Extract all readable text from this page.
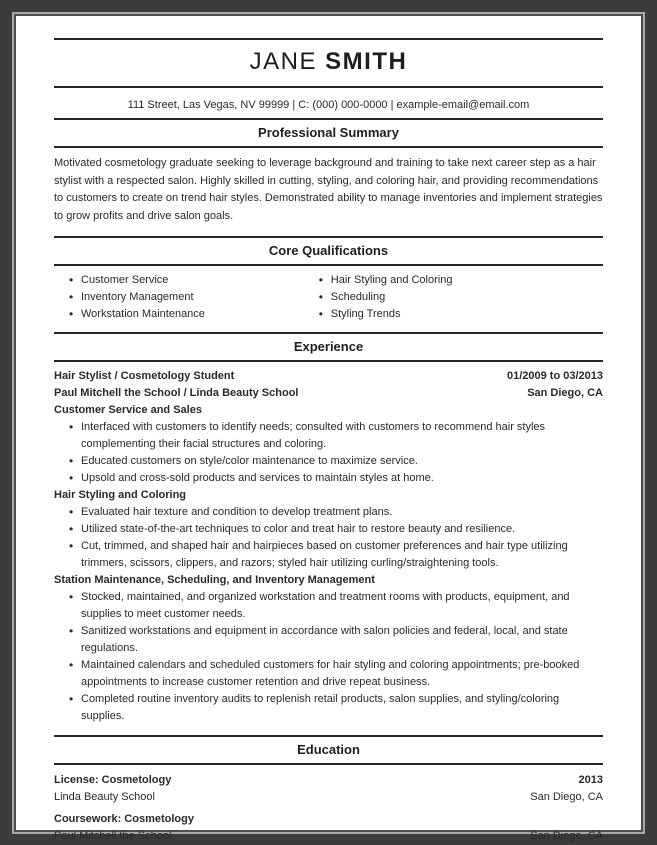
JANE SMITH
111 Street, Las Vegas, NV 99999 | C: (000) 000-0000 | example-email@email.com
Professional Summary

Motivated cosmetology graduate seeking to leverage background and training to take next career step as a hair stylist with a respected salon. Highly skilled in cutting, styling, and coloring hair, and providing recommendations to customers to create on trend hair styles. Demonstrated ability to manage inventories and implement strategies to grow profits and drive salon goals.

Core Qualifications
• Customer Service
• Inventory Management
• Workstation Maintenance
• Hair Styling and Coloring
• Scheduling
• Styling Trends
Experience
Hair Stylist / Cosmetology Student	01/2009 to 03/2013
Paul Mitchell the School / Linda Beauty School	San Diego, CA
Customer Service and Sales
• Interfaced with customers to identify needs; consulted with customers to recommend hair styles complementing their facial structures and coloring.
• Educated customers on style/color maintenance to maximize service.
• Upsold and cross-sold products and services to maintain styles at home.
Hair Styling and Coloring
• Evaluated hair texture and condition to develop treatment plans.
• Utilized state-of-the-art techniques to color and treat hair to restore beauty and resilience.
• Cut, trimmed, and shaped hair and hairpieces based on customer preferences and hair type utilizing trimmers, scissors, clippers, and razors; styled hair utilizing curling/straightening tools.
Station Maintenance, Scheduling, and Inventory Management
• Stocked, maintained, and organized workstation and treatment rooms with products, equipment, and supplies to meet customer needs.
• Sanitized workstations and equipment in accordance with salon policies and federal, local, and state regulations.
• Maintained calendars and scheduled customers for hair styling and coloring appointments; pre-booked appointments to increase customer retention and drive repeat business.
• Completed routine inventory audits to replenish retail products, salon supplies, and styling/coloring supplies.
Education
License: Cosmetology	2013
Linda Beauty School	San Diego, CA
Coursework: Cosmetology
Paul Mitchell the School	San Diego, CA
